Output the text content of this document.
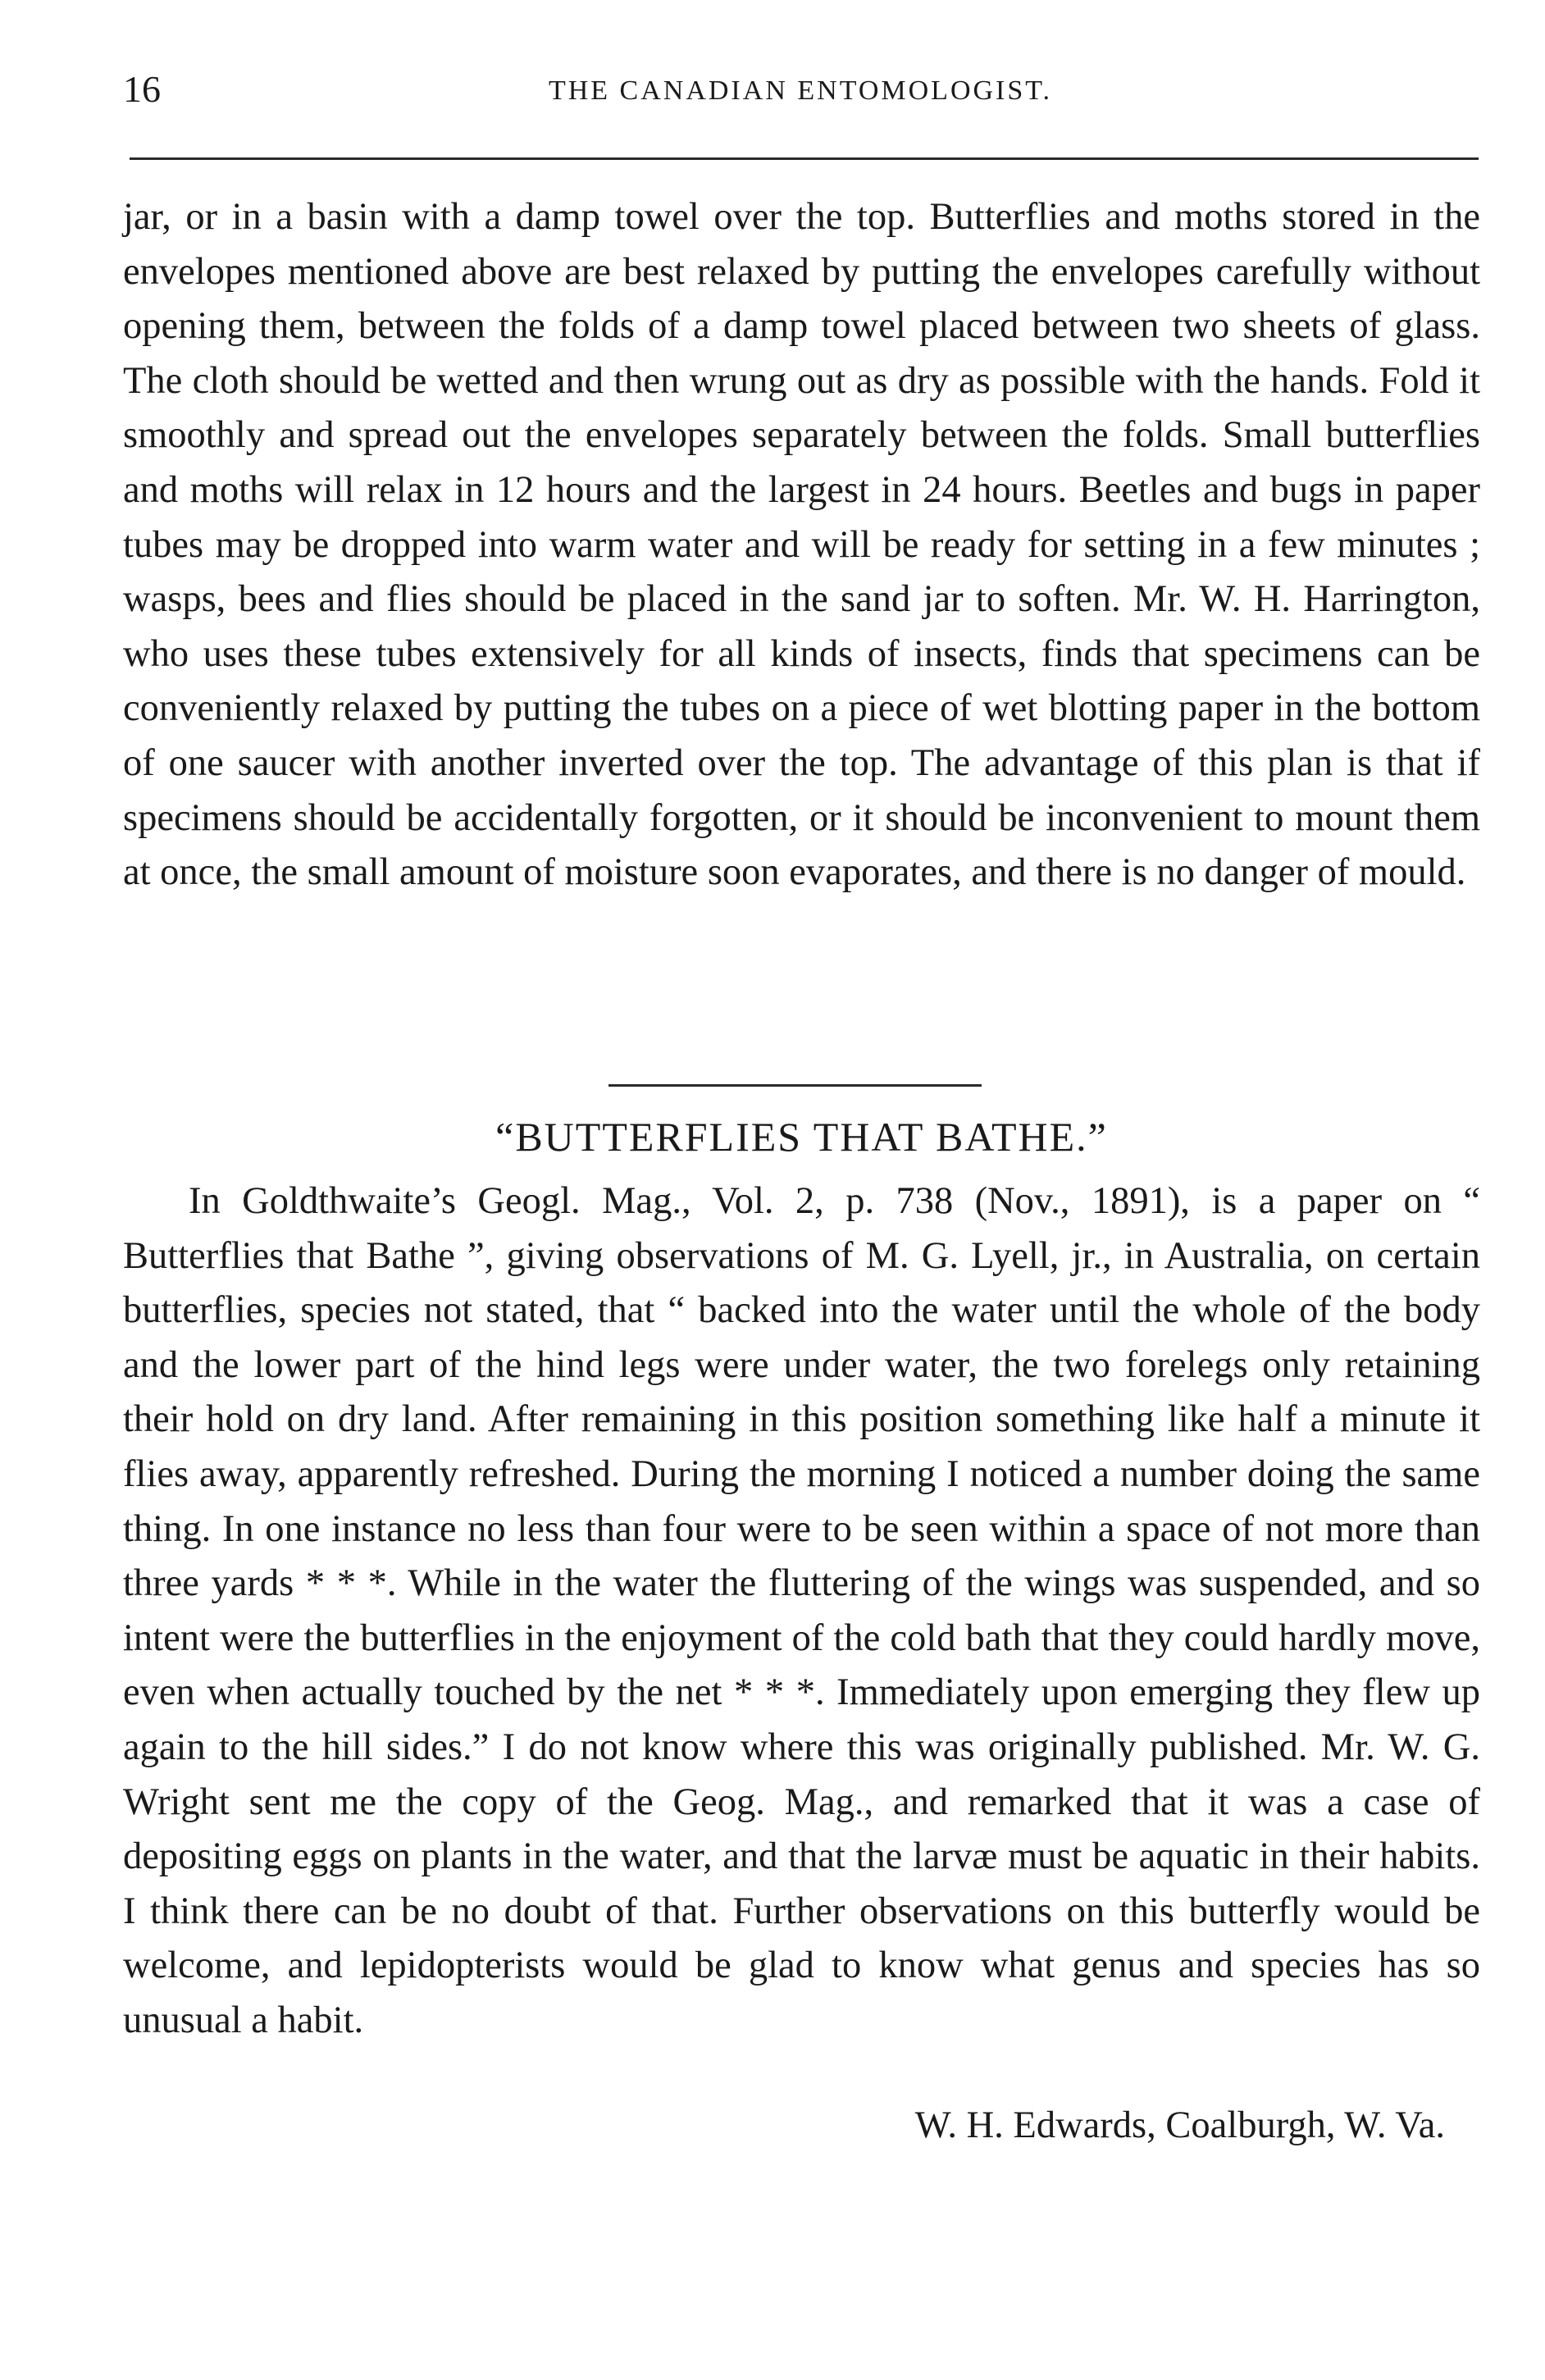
16	THE CANADIAN ENTOMOLOGIST.

jar, or in a basin with a damp towel over the top. Butterflies and moths stored in the envelopes mentioned above are best relaxed by putting the envelopes carefully without opening them, between the folds of a damp towel placed between two sheets of glass. The cloth should be wetted and then wrung out as dry as possible with the hands. Fold it smoothly and spread out the envelopes separately between the folds. Small butterflies and moths will relax in 12 hours and the largest in 24 hours. Beetles and bugs in paper tubes may be dropped into warm water and will be ready for setting in a few minutes ; wasps, bees and flies should be placed in the sand jar to soften. Mr. W. H. Harrington, who uses these tubes extensively for all kinds of insects, finds that specimens can be conveniently relaxed by putting the tubes on a piece of wet blotting paper in the bottom of one saucer with another inverted over the top. The advantage of this plan is that if specimens should be accidentally forgotten, or it should be inconvenient to mount them at once, the small amount of moisture soon evaporates, and there is no danger of mould.

“BUTTERFLIES THAT BATHE.”

In Goldthwaite’s Geogl. Mag., Vol. 2, p. 738 (Nov., 1891), is a paper on “ Butterflies that Bathe ”, giving observations of M. G. Lyell, jr., in Australia, on certain butterflies, species not stated, that “ backed into the water until the whole of the body and the lower part of the hind legs were under water, the two forelegs only retaining their hold on dry land. After remaining in this position something like half a minute it flies away, apparently refreshed. During the morning I noticed a number doing the same thing. In one instance no less than four were to be seen within a space of not more than three yards * * *. While in the water the fluttering of the wings was suspended, and so intent were the butterflies in the enjoyment of the cold bath that they could hardly move, even when actually touched by the net * * *. Immediately upon emerging they flew up again to the hill sides.” I do not know where this was originally published. Mr. W. G. Wright sent me the copy of the Geog. Mag., and remarked that it was a case of depositing eggs on plants in the water, and that the larvæ must be aquatic in their habits. I think there can be no doubt of that. Further observations on this butterfly would be welcome, and lepidopterists would be glad to know what genus and species has so unusual a habit.

W. H. Edwards, Coalburgh, W. Va.
